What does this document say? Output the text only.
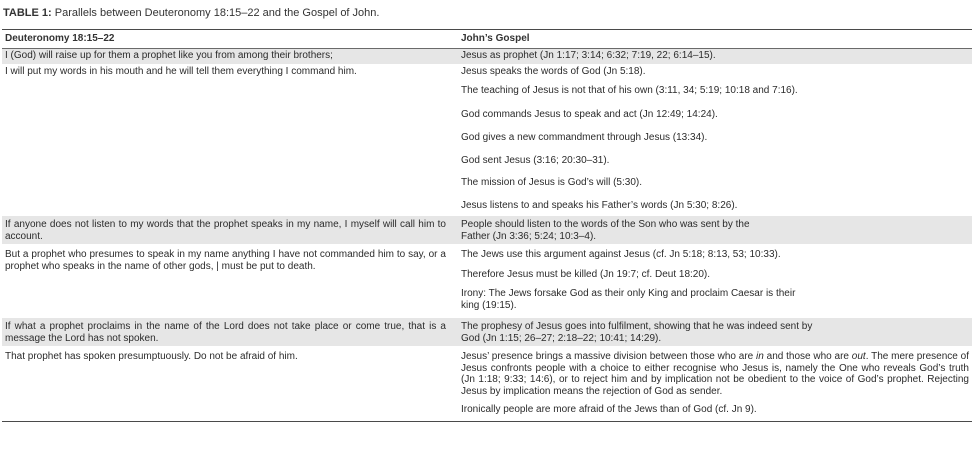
TABLE 1: Parallels between Deuteronomy 18:15–22 and the Gospel of John.
Deuteronomy 18:15–22	John’s Gospel
I (God) will raise up for them a prophet like you from among their brothers;	Jesus as prophet (Jn 1:17; 3:14; 6:32; 7:19, 22; 6:14–15).
I will put my words in his mouth and he will tell them everything I command him.	Jesus speaks the words of God (Jn 5:18).
	The teaching of Jesus is not that of his own (3:11, 34; 5:19; 10:18 and 7:16).
	God commands Jesus to speak and act (Jn 12:49; 14:24).
	God gives a new commandment through Jesus (13:34).
	God sent Jesus (3:16; 20:30–31).
	The mission of Jesus is God’s will (5:30).
	Jesus listens to and speaks his Father’s words (Jn 5:30; 8:26).
If anyone does not listen to my words that the prophet speaks in my name, I myself will call him to account.	People should listen to the words of the Son who was sent by the
Father (Jn 3:36; 5:24; 10:3–4).

But a prophet who presumes to speak in my name anything I have not commanded him to say, or a prophet who speaks in the name of other gods, | must be put to death.	The Jews use this argument against Jesus (cf. Jn 5:18; 8:13, 53; 10:33).
Therefore Jesus must be killed (Jn 19:7; cf. Deut 18:20).
Irony: The Jews forsake God as their only King and proclaim Caesar is their
king (19:15).

If what a prophet proclaims in the name of the Lord does not take place or come true, that is a message the Lord has not spoken.	The prophesy of Jesus goes into fulfilment, showing that he was indeed sent by
God (Jn 1:15; 26–27; 2:18–22; 10:41; 14:29).

That prophet has spoken presumptuously. Do not be afraid of him.	Jesus’ presence brings a massive division between those who are in and those who are out. The mere presence of Jesus confronts people with a choice to either recognise who Jesus is, namely the One who reveals God’s truth (Jn 1:18; 9:33; 14:6), or to reject him and by implication not be obedient to the voice of God’s prophet. Rejecting Jesus by implication means the rejection of God as sender.
Ironically people are more afraid of the Jews than of God (cf. Jn 9).
